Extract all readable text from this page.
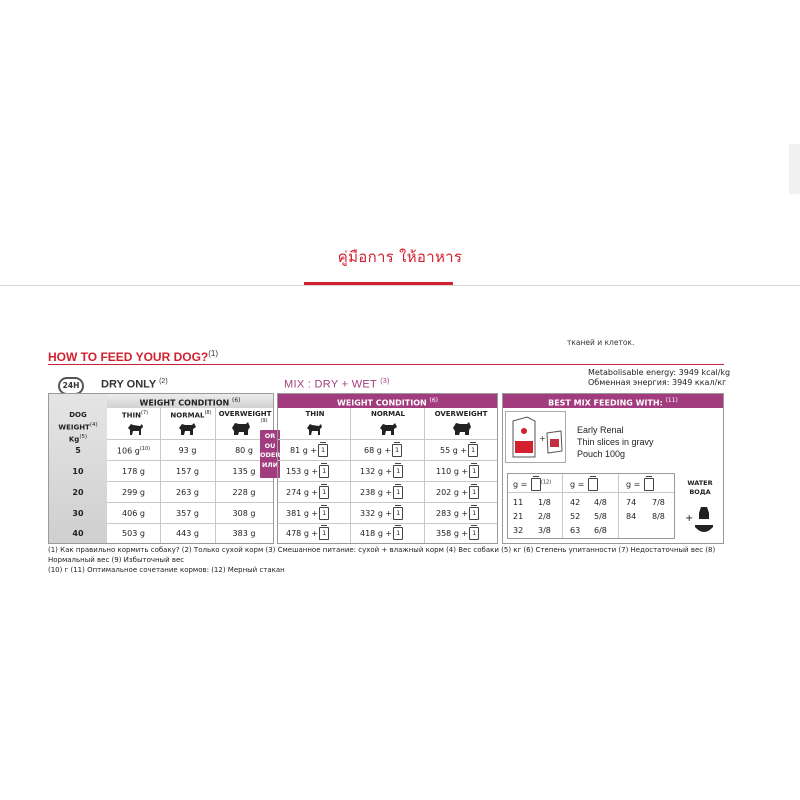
คู่มือการ ให้อาหาร
HOW TO FEED YOUR DOG?$^{(1)}$
тканей и клеток.
Metabolisable energy: 3949 kcal/kg
Обменная энергия: 3949 ккал/кг
24H	DRY ONLY $^{(2)}$	MIX : DRY + WET $^{(3)}$
DOG
WEIGHT$^{(4)}$
Kg$^{(5)}$
WEIGHT CONDITION $^{(6)}$
THIN$^{(7)}$	NORMAL$^{(8)}$	OVERWEIGHT
$^{(9)}$
5	106 $g^{(10)}$	93 g	80 g
10	178 g	157 g	135 g
20	299 g	263 g	228 g
30	406 g	357 g	308 g
40	503 g	443 g	383 g
OR
OU
ODER
ИЛИ
WEIGHT CONDITION $^{(6)}$
THIN	NORMAL	OVERWEIGHT
81 g + 1	68 g + 1	55 g + 1
153 g + 1	132 g + 1	110 g + 1
274 g + 1	238 g + 1	202 g + 1
381 g + 1	332 g + 1	283 g + 1
478 g + 1	418 g + 1	358 g + 1
BEST MIX FEEDING WITH: $^{(11)}$
+
Early Renal
Thin slices in gravy
Pouch 100g
g =	$^{(12)}$ g =	g =
11 1/8 42 4/8 74 7/8
21 2/8 52 5/8 84 8/8
32 3/8 63 6/8
WATER
ВОДА
+
(1) Как правильно кормить собаку? (2) Только сухой корм (3) Смешанное питание: сухой + влажный корм (4) Вес собаки (5) кг (6) Степень упитанности (7) Недостаточный вес (8) Нормальный вес (9) Избыточный вес
(10) г (11) Оптимальное сочетание кормов: (12) Мерный стакан
